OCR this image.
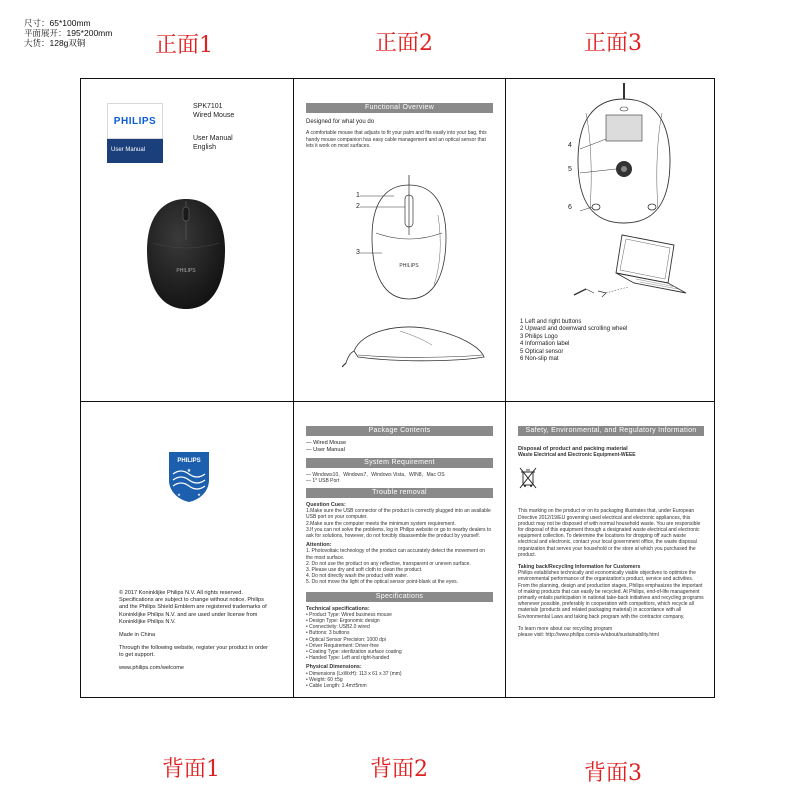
尺寸：65*100mm
平面展开：195*200mm
大货：128g双铜	正面1	正面2	正面3
背面1	背面2	背面3
PHILIPS
User Manual
SPK7101
Wired Mouse
User Manual
English
PHILIPS
Functional Overview
Designed for what you do
A comfortable mouse that adjusts to fit your palm and fits easily into your bag, this handy mouse companion has easy cable management and an optical sensor that lets it work on most surfaces.
PHILIPS
1
2
3
4
5
6
1 Left and right buttons
2 Upward and downward scrolling wheel
3 Philips Logo
4 Information label
5 Optical sensor
6 Non-slip mat
PHILIPS
★
★	★
© 2017 Koninklijke Philips N.V. All rights reserved. Specifications are subject to change without notice. Philips and the Philips Shield Emblem are registered trademarks of Koninklijke Philips N.V. and are used under license from Koninklijke Philips N.V.
Made in China
Through the following website, register your product in order to get support.
www.philips.com/welcome
Package Contents
— Wired Mouse
— User Manual
System Requirement
— Windows10、Windows7、Windows Vista、WIN8、Mac OS
— 1* USB Port
Trouble removal
Question Cues:
1.Make sure the USB connector of the product is correctly plugged into an available USB port on your computer.
2.Make sure the computer meets the minimum system requirement.
3.If you can not solve the problems, log in Philips website or go to nearby dealers to ask for solutions, however, do not forcibly disassemble the product by yourself.
Attention:
1. Photovoltaic technology of the product can accurately detect the movement on the most surface.
2. Do not use the product on any reflective, transparent or uneven surface.
3. Please use dry and soft cloth to clean the product.
4. Do not directly wash the product with water.
5. Do not move the light of the optical sensor point-blank at the eyes.
Specifications
Technical specifications:
• Product Type: Wired business mouse
• Design Type: Ergonomic design
• Connectivity: USB2.0 wired
• Buttons: 3 buttons
• Optical Sensor Precision: 1000 dpi
• Driver Requirement: Driver-free
• Coating Type: sterilization surface coating
• Handed Type: Left and right-handed
Physical Dimensions:
• Dimensions (LxWxH): 113 x 61 x 37 (mm)
• Weight: 60 ±5g
• Cable Length: 1.4m±5mm
Safety, Environmental, and Regulatory Information
Disposal of product and packing material
Waste Electrical and Electronic Equipment-WEEE
This marking on the product or on its packaging illustrates that, under European Directive 2012/19/EU governing used electrical and electronic appliances, this product may not be disposed of with normal household waste. You are responsible for disposal of this equipment through a designated waste electrical and electronic equipment collection. To determine the locations for dropping off such waste electrical and electronic, contact your local government office, the waste disposal organization that serves your household or the store at which you purchased the product.
Taking back/Recycling Information for Customers
Philips establishes technically and economically viable objectives to optimize the environmental performance of the organization's product, service and activities. From the planning, design and production stages, Philips emphasizes the important of making products that can easily be recycled. At Philips, end-of-life management primarily entails participation in national take-back initiatives and recycling programs whenever possible, preferably in cooperation with competitors, which recycle all materials (products and related packaging material) in accordance with all Environmental Laws and taking back program with the contractor company.
To learn more about our recycling program
please visit: http://www.philips.com/a-w/about/sustainability.html
